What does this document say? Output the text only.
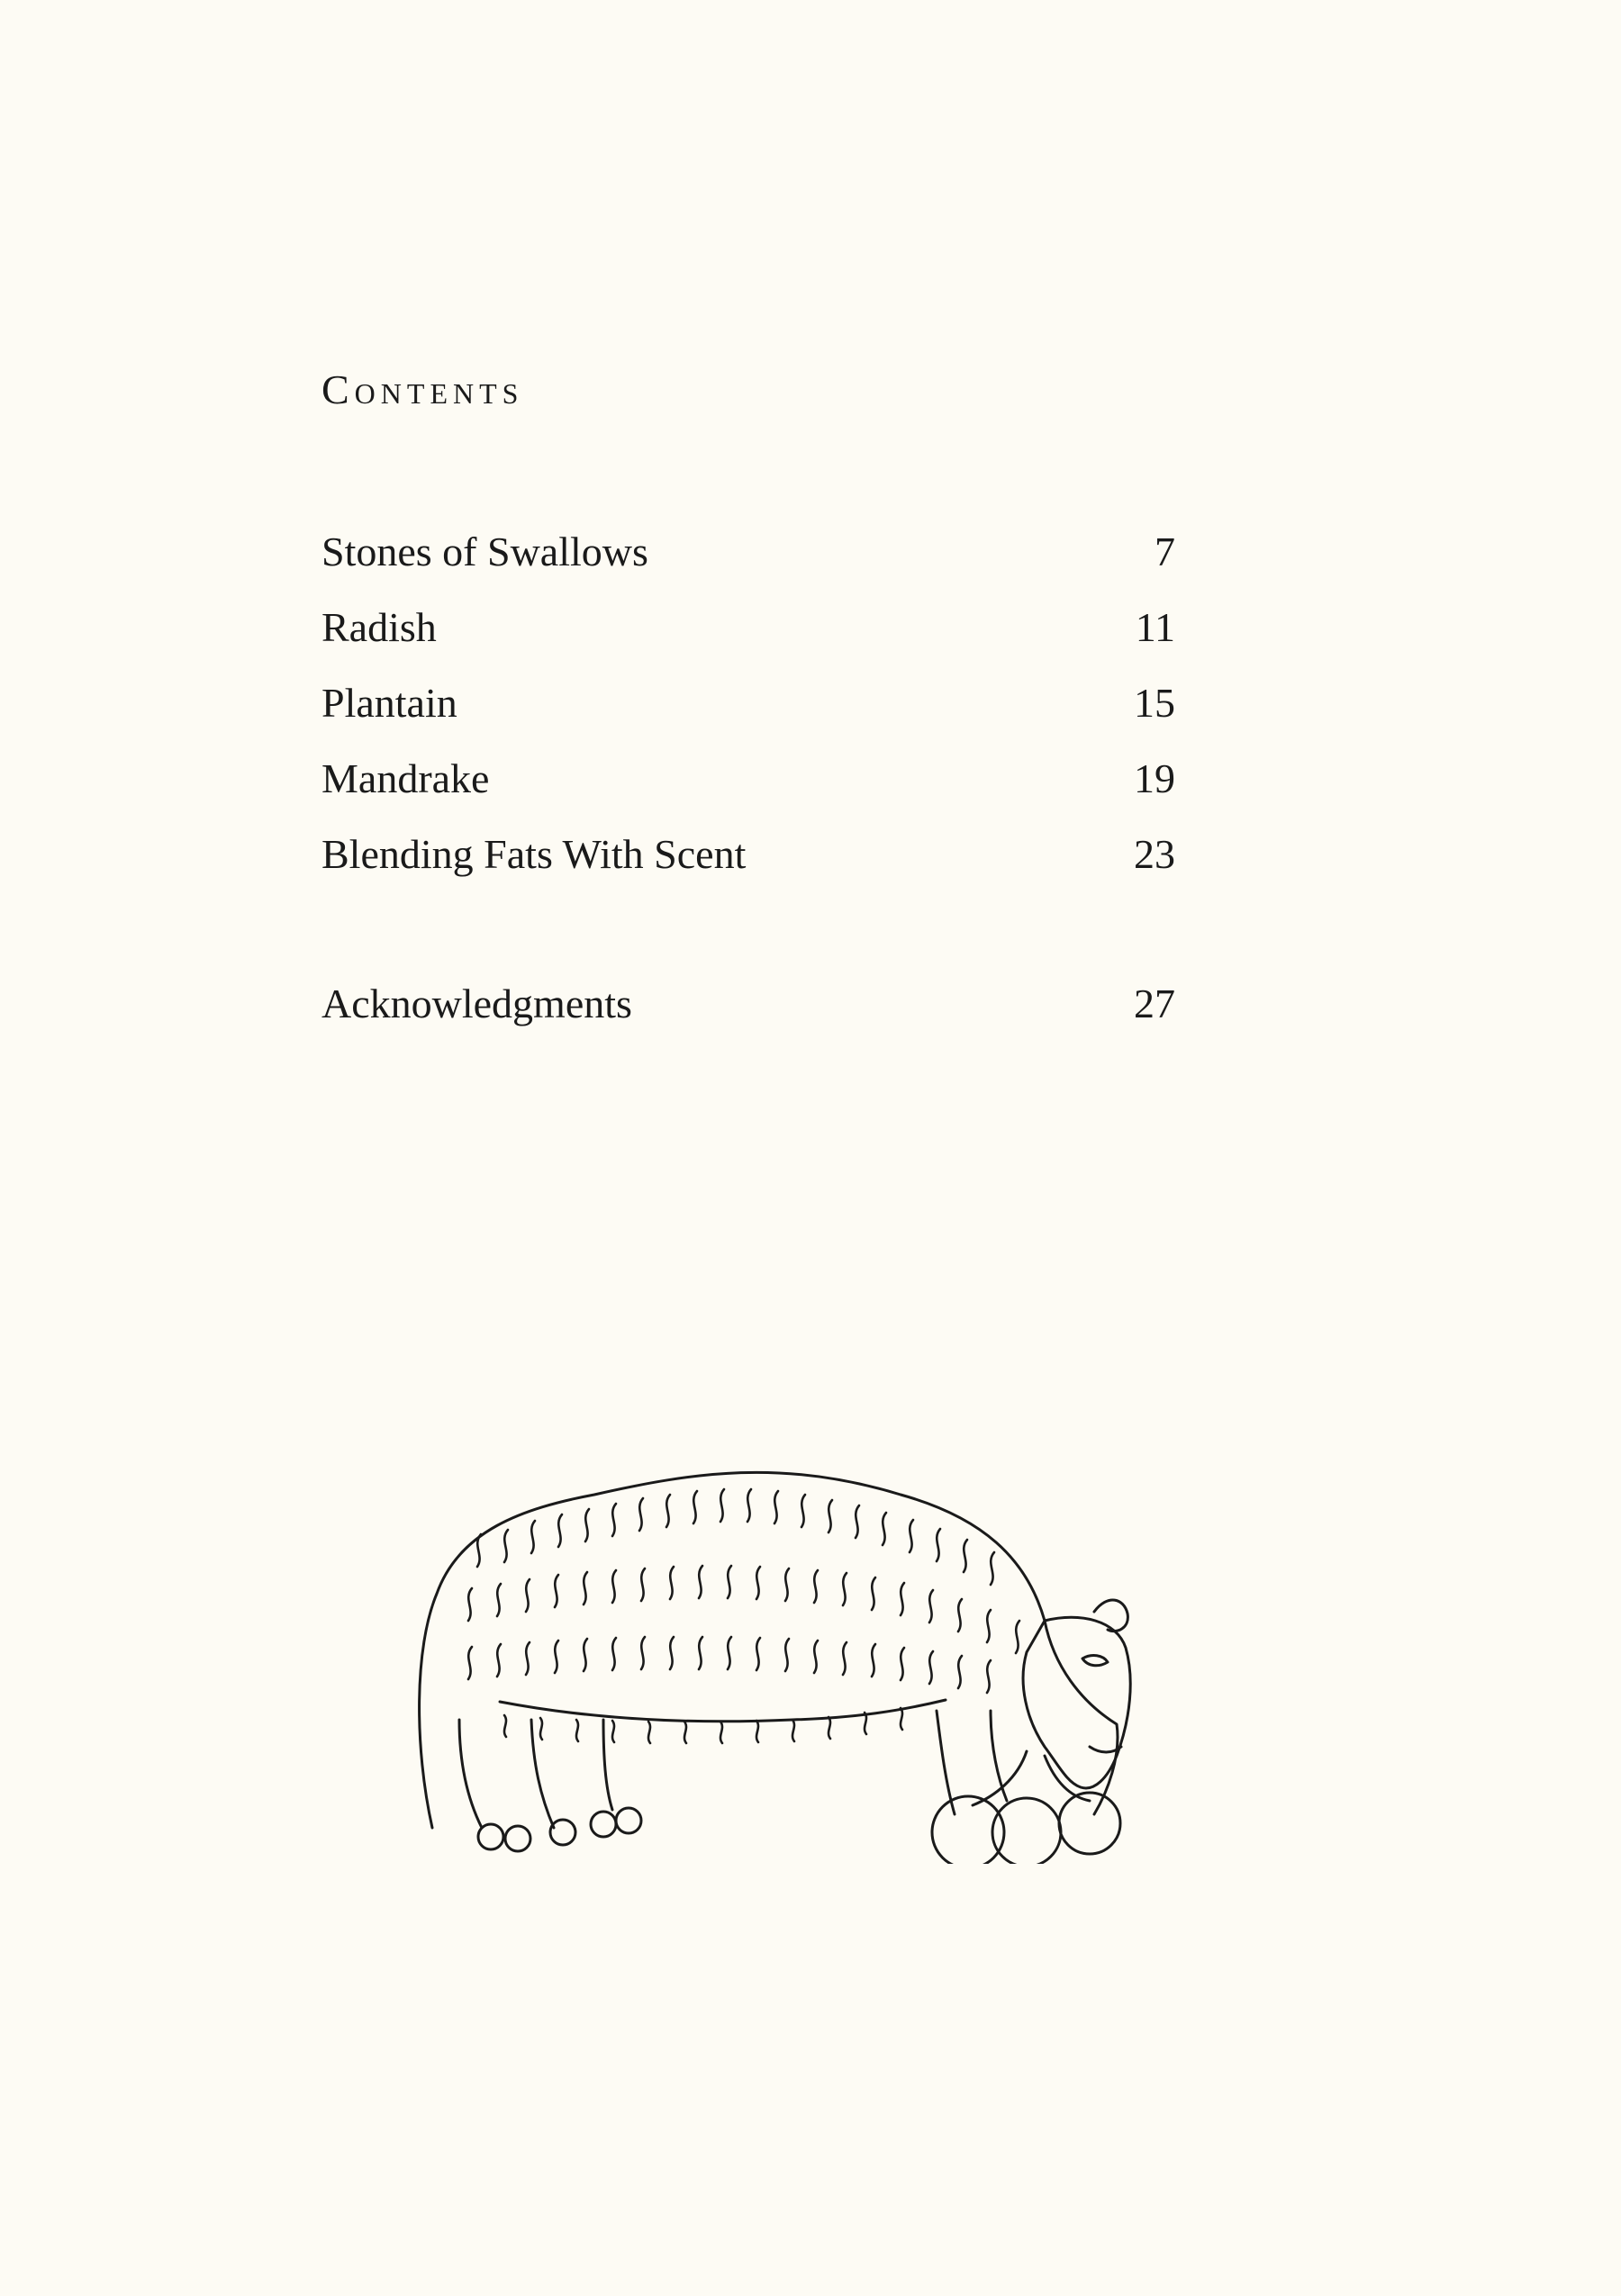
Contents
Stones of Swallows	7
Radish	11
Plantain	15
Mandrake	19
Blending Fats With Scent	23
Acknowledgments	27
